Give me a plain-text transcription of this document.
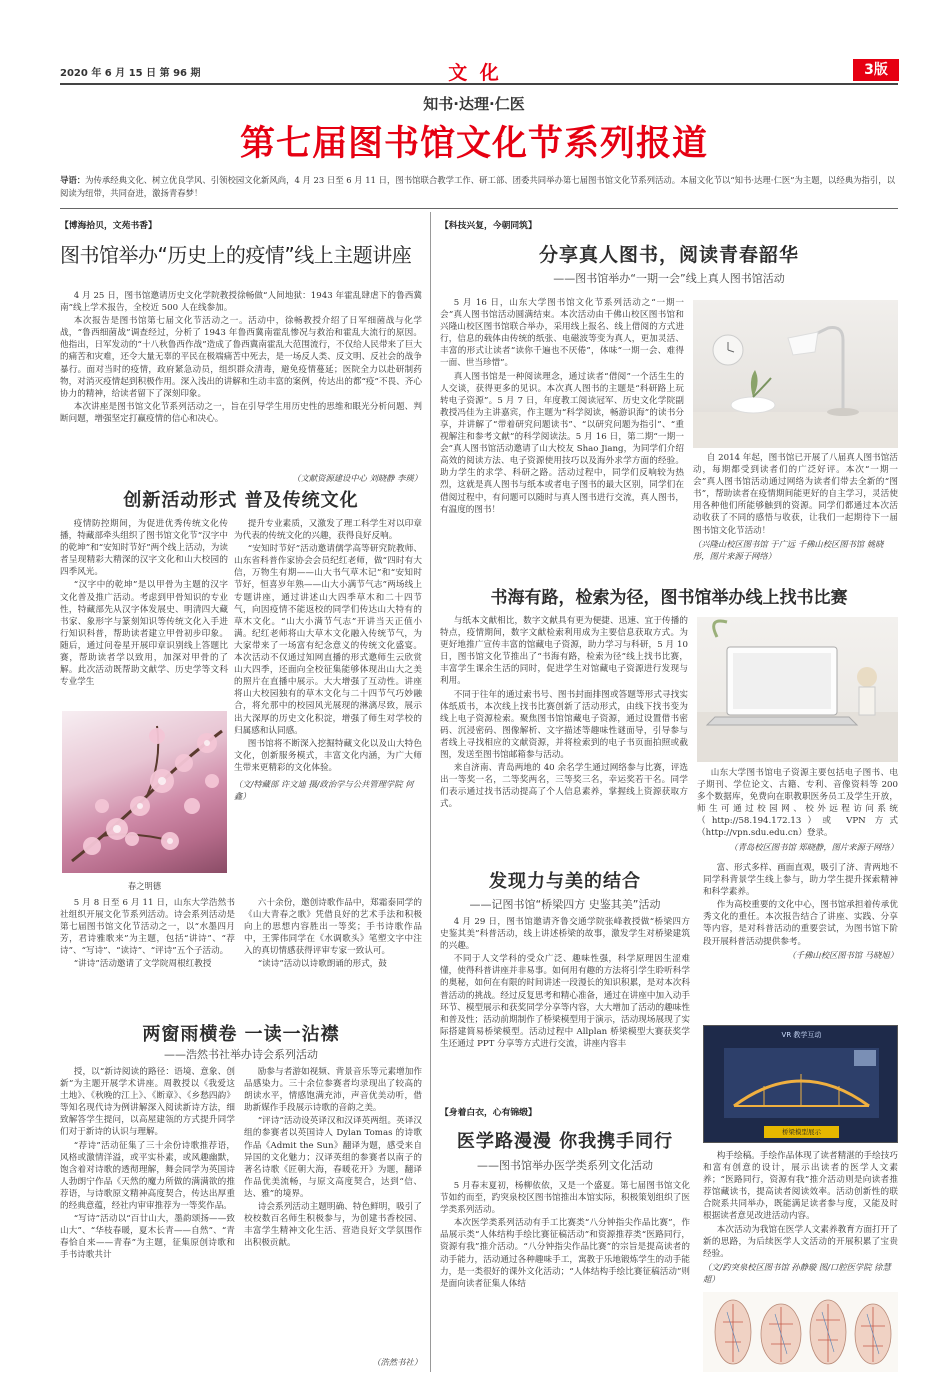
2020 年 6 月 15 日 第 96 期	文 化	3版
知书·达理·仁医
第七届图书馆文化节系列报道
导语：为传承经典文化、树立优良学风、引领校园文化新风尚，4 月 23 日至 6 月 11 日，图书馆联合教学工作、研工部、团委共同举办第七届图书馆文化节系列活动。本届文化节以“知书·达理·仁医”为主题，以经典为指引，以阅读为纽带，共同奋进，激扬青春梦！
【博海拾贝，文苑书香】
图书馆举办“历史上的疫情”线上主题讲座

4 月 25 日，图书馆邀请历史文化学院教授徐畅做“人间地狱：1943 年霍乱肆虐下的鲁西冀南”线上学术报告，全校近 500 人在线参加。

本次报告是图书馆第七届文化节活动之一。活动中，徐畅教授介绍了日军细菌战与化学战，“鲁西细菌战”调查经过，分析了 1943 年鲁西冀南霍乱惨况与救治和霍乱大流行的原因。他指出，日军发动的“十八秋鲁西作战”造成了鲁西冀南霍乱大范围流行，不仅给人民带来了巨大的痛苦和灾难，还令大量无辜的平民在极端痛苦中死去，是一场反人类、反文明、反社会的战争暴行。面对当时的疫情，政府紧急动员，组织群众清毒，避免疫情蔓延；医院全力以赴研制药物，对消灭疫情起到积极作用。深入浅出的讲解和生动丰富的案例，传达出的都“疫”不畏、齐心协力的精神，给读者留下了深刻印象。

本次讲座是图书馆文化节系列活动之一，旨在引导学生用历史性的思维和眼光分析问题、判断问题，增强坚定打赢疫情的信心和决心。

（文献资源建设中心 刘晓静 李瑛）
创新活动形式 普及传统文化

疫情防控期间，为促进优秀传统文化传播，特藏部牵头组织了图书馆文化节“汉字中的乾坤”和“安知时节好”两个线上活动，为读者呈现精彩大精深的汉字文化和山大校园的四季风光。

“汉字中的乾坤”是以甲骨为主题的汉字文化普及推广活动。考虑到甲骨知识的专业性，特藏部先从汉字体发展史、明清四大藏书家、象形字与篆刻知识等传统文化入手进行知识科普，帮助读者建立甲骨初步印象。随后，通过问卷星开展印章识别线上答题比赛，帮助读者学以致用，加深对甲骨的了解。此次活动既帮助文献学、历史学等文科专业学生

提升专业素质，又激发了理工科学生对以印章为代表的传统文化的兴趣，获得良好反响。

“安知时节好”活动邀请儒学高等研究院教师、山东省科普作家协会会员纪红老师，做“四时有大信，万物生有期——山大书气草木记”和“安知时节好，恒喜岁年熟——山大小满节气志”两场线上专题讲座，通过讲述山大四季草木和二十四节气，向因疫情不能返校的同学们传达山大特有的草木文化。“山大小满节气志”开讲当天正值小满。纪红老师将山大草木文化融入传统节气，为大家带来了一场富有纪念意义的传统文化盛宴。本次活动不仅通过知网直播的形式邀师生云欣赏山大四季，还面向全校征集能够体现出山大之美的照片在直播中展示。大大增强了互动性。讲座将山大校园独有的草木文化与二十四节气巧妙融合，将允那中的校园风光展现的淋漓尽致，展示出大深厚的历史文化积淀，增强了师生对学校的归属感和认同感。

图书馆将不断深入挖掘特藏文化以及山大特色文化，创新服务模式，丰富文化内涵，为广大师生带来更精彩的文化体验。

（文/特藏部 许文迪 摄/政治学与公共管理学院 何鑫）

春之明德

5 月 8 日至 6 月 11 日，山东大学浩然书社组织开展文化节系列活动。诗会系列活动是第七届图书馆文化节活动之一，以“水墨四月芳，君诗雅歌来”为主题，包括“讲诗”、“荐诗”、“写诗”、“读诗”、“评诗”五个子活动。

“讲诗”活动邀请了文学院周根红教授

六十余份，邀创诗歌作品中，郑霜泰同学的《山大青春之歌》凭借良好的艺术手法和积极向上的思想内容胜出一等奖；手书诗歌作品中，王霁伟同学在《水调歌头》笔塑文字中注入的真切情感获得评审专家一致认可。

“读诗”活动以诗歌朗诵的形式，鼓

两窗雨横卷 一读一沾襟
——浩然书社举办诗会系列活动

授，以“新诗阅读的路径：语境、意象、创新”为主题开展学术讲座。周教授以《我爱这土地》、《秋晚的江上》、《断章》、《乡愁四韵》等知名现代诗为例讲解深入阅读新诗方法，细致解答学生提问，以高屋建瓴的方式提升同学们对于新诗的认识与理解。

“荐诗”活动征集了三十余份诗歌推荐语，风格或激情洋溢，或平实朴素，或风趣幽默，饱含着对诗歌的透彻理解，舞会同学为英国诗人勃朗宁作品《天然的魔力所做的满满欲的推荐语，与诗歌原文精神高度契合，传达出厚重的经典意蕴，经社内审审推荐为一等奖作品。

“写诗”活动以“百廿山大，墨韵颂扬——致山大”、“华枝春暖，夏木长青——自然”、“青春恰自来——青春”为主题，征集原创诗歌和手书诗歌共计

励参与者游如视频、背景音乐等元素增加作品感染力。三十余位参赛者均录现出了较高的朗读水平，情感饱满充沛，声音优美动听，借助新媒作手段展示诗歌的音韵之美。

“评诗”活动设英译汉和汉译英两组。英译汉组的参赛者以英国诗人 Dylan Tomas 的诗歌作品《Admit the Sun》翻译为题，感受来自异国的文化魅力；汉译英组的参赛者以南子的著名诗歌《匠朝大海，春暖花开》为题，翻译作品优美流畅，与原文高度契合，达到“信、达、雅”的境界。

诗会系列活动主题明确、特色鲜明，吸引了校校数百名师生积极参与，为创建书香校园、丰富学生精神文化生活、营造良好文学氛围作出积极贡献。

（浩然书社）
【科技兴复，今朝同筑】
分享真人图书，阅读青春韶华
——图书馆举办“一期一会”线上真人图书馆活动

5 月 16 日，山东大学图书馆文化节系列活动之“一期一会”真人图书馆活动圆满结束。本次活动由千佛山校区图书馆和兴隆山校区图书馆联合举办，采用线上报名、线上借阅的方式进行，信息的载体由传统的纸张、电磁波等变为真人，更加灵活、丰富的形式让读者“读你千遍也不厌倦”，体味“一期一会、难得一面、世当珍惜”。

真人图书馆是一种阅读理念，通过读者“借阅”一个活生生的人交谈，获得更多的见识。本次真人图书的主题是“科研路上玩转电子资源”。5 月 7 日，年度教工阅读冠军、历史文化学院副教授冯佳为主讲嘉宾，作主题为“科学阅读，畅游识海”的读书分享，并讲解了“带着研究问题读书”、“以研究问题为指引”、“重视解注和参考文献”的科学阅读法。5 月 16 日，第二期“一期一会”真人图书馆活动邀请了山大校友 Shao Jiang，为同学们介绍高效的阅读方法、电子资源使用技巧以及海外求学方面的经验。助力学生的求学、科研之路。活动过程中，同学们反响较为热烈，这就是真人图书与纸本或者电子图书的最大区别，同学们在借阅过程中，有问题可以随时与真人图书进行交流，真人图书，有温度的图书！

自 2014 年起，图书馆已开展了八届真人图书馆活动，每期都受到读者们的广泛好评。本次“一期一会”真人图书馆活动通过网络为读者们带去全新的“图书”，帮助读者在疫情期间能更好的自主学习，灵活使用各种他们所能够触到的资源。同学们都通过本次活动收获了不同的感悟与收获，让我们一起期待下一届图书馆文化节活动！

（兴隆山校区图书馆 于广远 千佛山校区图书馆 姚晓彤，图片来源于网络）

书海有路，检索为径，图书馆举办线上找书比赛

与纸本文献相比，数字文献具有更为便捷、迅速、宜于传播的特点，疫情期间，数字文献检索利用成为主要信息获取方式。为更好地推广宣传丰富的馆藏电子资源，助力学习与科研，5 月 10 日，图书馆文化节推出了“书海有路，检索为径”线上找书比赛，丰富学生课余生活的同时，促进学生对馆藏电子资源进行发现与利用。

不同于往年的通过索书号、图书封面排图或答题等形式寻找实体纸质书，本次线上找书比赛创新了活动形式，由线下找书变为线上电子资源检索。聚焦图书馆馆藏电子资源，通过设置借书密码、沉浸密码、图像解析、文字描述等趣味性谜面导，引导参与者线上寻找相应的文献资源，并将检索到的电子书页面拍照或截图，发送至图书馆邮箱参与活动。

来自济南、青岛两地的 40 余名学生通过网络参与比赛，评选出一等奖一名，二等奖两名，三等奖三名，幸运奖若干名。同学们表示通过找书活动提高了个人信息素养，掌握线上资源获取方式。

山东大学图书馆电子资源主要包括电子图书、电子期刊、学位论文、古籍、专利、音像资料等 200 多个数据库，免费向在职教职医务员工及学生开放，师生可通过校园网、校外远程访问系统（http://58.194.172.13）或 VPN 方式（http://vpn.sdu.edu.cn）登录。

（青岛校区图书馆 郑晓静，图片来源于网络）

发现力与美的结合
——记图书馆“桥梁四方 史鉴其美”活动

4 月 29 日，图书馆邀请齐鲁交通学院张峰教授做“桥梁四方 史鉴其美”科普活动，线上讲述桥梁的故事，激发学生对桥梁建筑的兴趣。

不同于人文学科的受众广泛、趣味性强，科学原理因生涩难懂，使得科普讲座并非易事。如何用有趣的方法将引学生聆听科学的奥秘，如何在有限的时间讲述一段漫长的知识积累，是对本次科普活动的挑战。经过反复思考和精心准备，通过在讲座中加入动手环节、模型展示和获奖同学分享等内容，大大增加了活动的趣味性和普及性；活动前期制作了桥梁模型用于演示，活动现场展现了实际搭建简易桥梁模型。活动过程中 Allplan 桥梁模型大赛获奖学生还通过 PPT 分享等方式进行交流，讲座内容丰

富、形式多样、画面直观，吸引了济、青两地不同学科背景学生线上参与，助力学生提升探索精神和科学素养。

作为高校重要的文化中心，图书馆承担着传承优秀文化的重任。本次报告结合了讲座、实践、分享等内容，是对科普活动的重要尝试，为图书馆下阶段开展科普活动提供参考。

（千佛山校区图书馆 马晓旭）

VR 教学互动
桥梁模型展示
【身着白衣，心有锦缎】
医学路漫漫 你我携手同行
——图书馆举办医学类系列文化活动

5 月春末夏初，杨柳依依，又是一个盛夏。第七届图书馆文化节如约而至，趵突泉校区图书馆推出本馆实际，积极策划组织了医学类系列活动。

本次医学类系列活动有手工比赛类“八分钟指尖作品比赛”，作品展示类“人体结构手绘比赛征稿活动”和资源推荐类“医路同行，资源有我”推介活动。“八分钟指尖作品比赛”的宗旨是提高读者的动手能力，活动通过各种趣味手工，寓教于乐地锻炼学生的动手能力，是一类很好的课外文化活动；“人体结构手绘比赛征稿活动”则是面向读者征集人体结

构手绘稿。手绘作品体现了读者精湛的手绘技巧和富有创意的设计，展示出读者的医学人文素养；“医路同行，资源有我”推介活动则是向读者推荐馆藏读书，提高读者阅读效率。活动创新性的联合院系共同举办，既能满足读者参与度，又能及时根据读者意见改进活动内容。

本次活动为我馆在医学人文素养教育方面打开了新的思路，为后续医学人文活动的开展积累了宝贵经验。

（文/趵突泉校区图书馆 孙静璇 图/口腔医学院 徐慧超）
